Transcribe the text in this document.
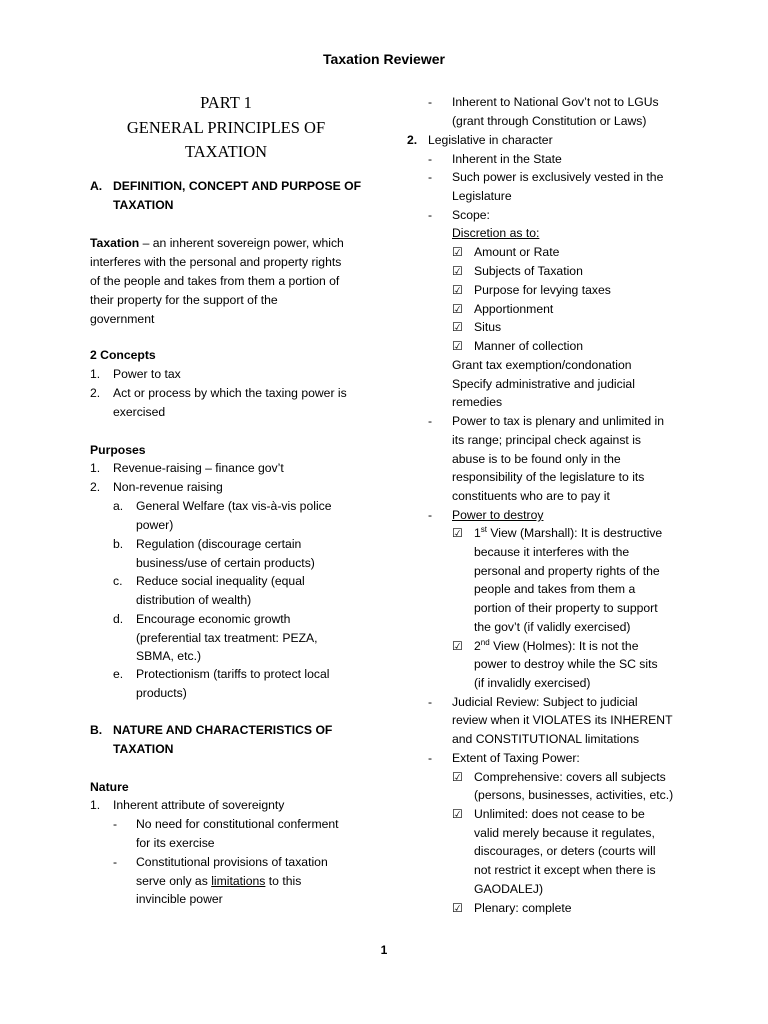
Taxation Reviewer
PART 1
GENERAL PRINCIPLES OF
TAXATION
A. DEFINITION, CONCEPT AND PURPOSE OF
TAXATION
Taxation – an inherent sovereign power, which
interferes with the personal and property rights
of the people and takes from them a portion of
their property for the support of the
government
2 Concepts
1. Power to tax
2. Act or process by which the taxing power is
exercised
Purposes
1. Revenue-raising – finance gov’t
2. Non-revenue raising
a. General Welfare (tax vis-à-vis police
power)
b. Regulation (discourage certain
business/use of certain products)
c. Reduce social inequality (equal
distribution of wealth)
d. Encourage economic growth
(preferential tax treatment: PEZA,
SBMA, etc.)
e. Protectionism (tariffs to protect local
products)
B. NATURE AND CHARACTERISTICS OF
TAXATION
Nature
1. Inherent attribute of sovereignty
- No need for constitutional conferment
for its exercise
- Constitutional provisions of taxation
serve only as limitations to this
invincible power
- Inherent to National Gov’t not to LGUs
(grant through Constitution or Laws)
2. Legislative in character
- Inherent in the State
- Such power is exclusively vested in the
Legislature
- Scope:
Discretion as to:
☑ Amount or Rate
☑ Subjects of Taxation
☑ Purpose for levying taxes
☑ Apportionment
☑ Situs
☑ Manner of collection
Grant tax exemption/condonation
Specify administrative and judicial
remedies
- Power to tax is plenary and unlimited in
its range; principal check against is
abuse is to be found only in the
responsibility of the legislature to its
constituents who are to pay it
- Power to destroy
☑ 1st View (Marshall): It is destructive
because it interferes with the
personal and property rights of the
people and takes from them a
portion of their property to support
the gov’t (if validly exercised)
☑ 2nd View (Holmes): It is not the
power to destroy while the SC sits
(if invalidly exercised)
- Judicial Review: Subject to judicial
review when it VIOLATES its INHERENT
and CONSTITUTIONAL limitations
- Extent of Taxing Power:
☑ Comprehensive: covers all subjects
(persons, businesses, activities, etc.)
☑ Unlimited: does not cease to be
valid merely because it regulates,
discourages, or deters (courts will
not restrict it except when there is
GAODALEJ)
☑ Plenary: complete
1
